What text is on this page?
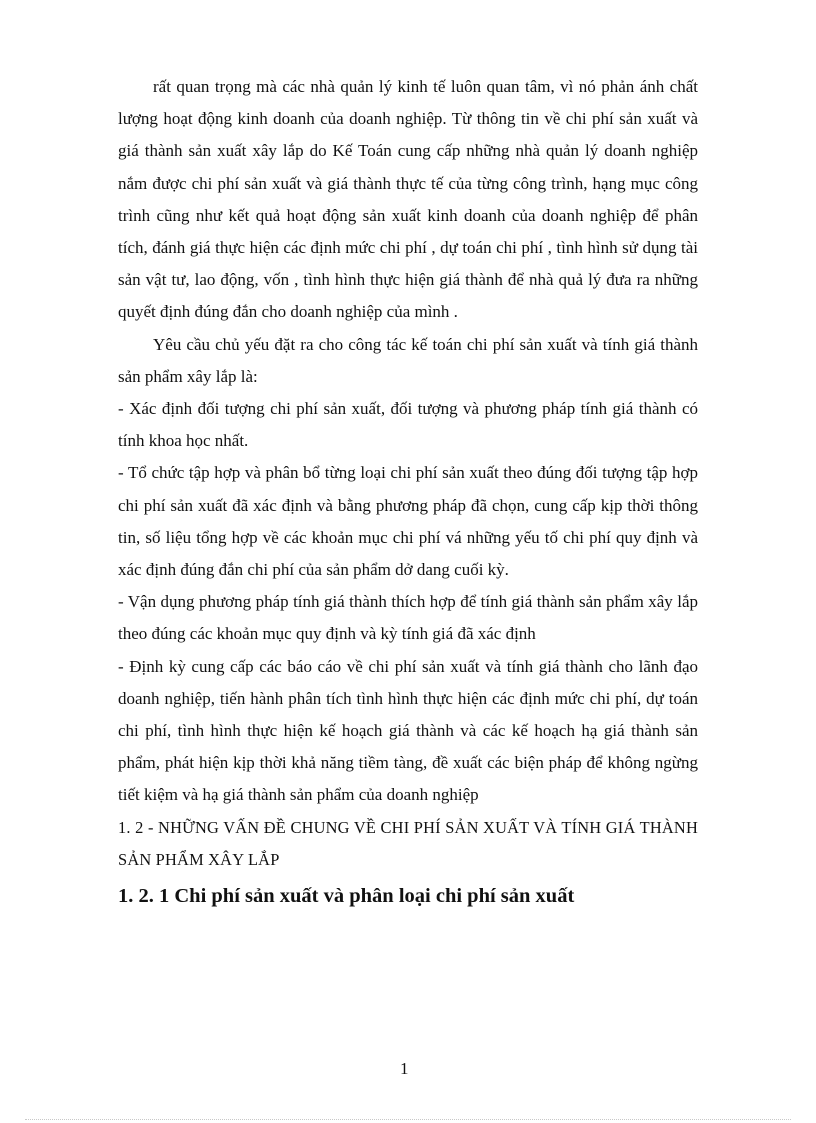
rất quan trọng mà các nhà quản lý kinh tế luôn quan tâm, vì nó phản ánh chất lượng hoạt động kinh doanh của doanh nghiệp. Từ thông tin về chi phí sản xuất và giá thành sản xuất xây lắp do Kế Toán cung cấp những nhà quản lý doanh nghiệp nắm được chi phí sản xuất và giá thành thực tế của từng công trình, hạng mục công trình cũng như kết quả hoạt động sản xuất kinh doanh của doanh nghiệp để phân tích, đánh giá thực hiện các định mức chi phí , dự toán chi phí , tình hình sử dụng tài sản vật tư, lao động, vốn , tình hình thực hiện giá thành để nhà quả lý đưa ra những quyết định đúng đắn cho doanh nghiệp của mình .

Yêu cầu chủ yếu đặt ra cho công tác kế toán chi phí sản xuất và tính giá thành sản phẩm xây lắp là:

- Xác định đối tượng chi phí sản xuất, đối tượng và phương pháp tính giá thành có      tính khoa học nhất.

- Tổ chức tập hợp và phân bổ từng loại chi phí sản xuất theo đúng đối tượng tập hợp chi phí sản xuất đã xác định và bằng phương pháp đã chọn, cung cấp kịp thời thông tin, số liệu tổng hợp về các khoản mục chi phí vá những yếu tố chi phí quy định và xác định đúng đắn chi phí của sản phẩm dở dang cuối kỳ.

- Vận dụng phương pháp tính giá thành thích hợp để tính giá thành sản phẩm xây lắp theo đúng các khoản mục quy định và kỳ tính giá đã xác định

- Định kỳ cung cấp các báo cáo về chi phí sản xuất và tính giá thành cho lãnh đạo doanh nghiệp, tiến hành phân tích tình hình thực hiện các định mức chi phí, dự toán chi phí, tình hình thực hiện kế hoạch giá thành và các kế hoạch hạ giá thành sản phẩm, phát hiện kịp thời khả năng tiềm tàng, đề xuất các biện pháp để không ngừng tiết kiệm và hạ giá thành sản phẩm của doanh nghiệp

1. 2 - NHỮNG VẤN ĐỀ CHUNG VỀ CHI PHÍ SẢN XUẤT VÀ TÍNH GIÁ THÀNH SẢN PHẨM XÂY LẮP

1. 2. 1 Chi phí sản xuất và phân loại chi phí sản xuất

1
